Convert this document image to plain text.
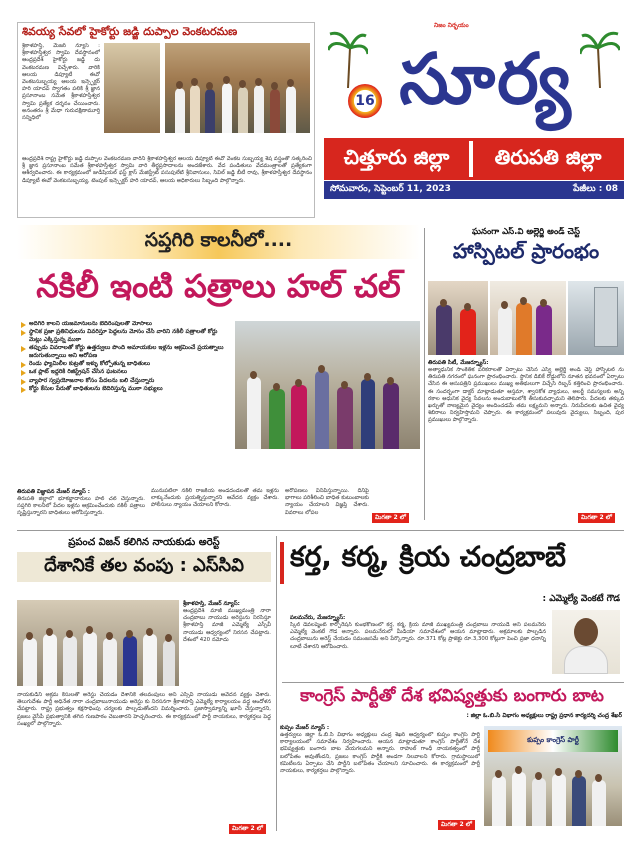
శివయ్య సేవలో హైకోర్టు జడ్జి దుప్పాల వెంకటరమణ
శ్రీకాళహస్తి, మేజర్ న్యూస్ : శ్రీకాళహస్తీశ్వర స్వామి దేవస్థానంలో ఆంధ్రప్రదేశ్ హైకోర్టు జడ్జి దు వెంకటరమణ విచ్చేశారు. వారికి ఆలయ డిప్యూటీ ఈవో వెంకటసుబ్బయ్య ఆలయ ఇన్స్పెక్టర్ హరి యాదవ్ స్వాగతం పలికి శ్రీ జ్ఞాన ప్రసూనాంబ సమేత శ్రీకాళహస్తీశ్వర స్వామి ప్రత్యేక దర్శనం చేయించారు. అనంతరం శ్రీ మేధా గురుదక్షిణామూర్తి సన్నిధిలో
ఆంధ్రప్రదేశ్ రాష్ట్ర హైకోర్టు జడ్జి దుప్పాల వెంకటరమణ వారిని శ్రీకాళహస్తీశ్వర ఆలయ డిప్యూటీ ఈవో వెంకట సుబ్బయ్య శేష వస్త్రంతో సత్కరించి శ్రీ జ్ఞాన ప్రసూనాంబ సమేత శ్రీకాళహస్తీశ్వర స్వామి వారి తీర్థప్రసాదాలను అందజేశారు. వేద పండితులు వేదమంత్రాలతో ప్రత్యేకంగా ఆశీర్వదించారు. ఈ కార్యక్రమంలో జుడీషియల్ ఫస్ట్ క్లాస్ మేజిస్ట్రేట్ పసుపులేటి శ్రీనివాసులు, సివిల్ జడ్జి బీటీ రావు, శ్రీకాళహస్తీశ్వర దేవస్థానం డిప్యూటీ ఈవో వెంకటసుబ్బయ్య, టెంపుల్ ఇన్స్పెక్టర్ హరి యాదవ్, ఆలయ అధికారులు సిబ్బంది పాల్గొన్నారు.
నిజం నిర్భయం
16 సూర్య
చిత్తూరు జిల్లా	తిరుపతి జిల్లా
సోమవారం, సెప్టెంబర్ 11, 2023	పేజీలు : 08
సప్తగిరి కాలనీలో....
నకిలీ ఇంటి పత్రాలు హల్ చల్
అదిగిరి కాలనీ యజమానులను బెదిరింపులతో మోసాలు
స్థానిక ప్రజా ప్రతినిధులను వివరిస్తూ పెద్దలను మోసం చేసి వారిని నకిలీ పత్రాలతో కోర్టు మెట్లు ఎక్కిస్తున్న ముఠా
తప్పుడు వివరాలతో కోర్టు ఉత్తర్వులు పొంది అమాయకుల ఇళ్లను ఆక్రమించే ప్రయత్నాలు జరుగుతున్నాయి అని ఆరోపణ
రెండు ఫ్యామిలీల కుట్రతో ఇళ్ళు కోల్పోతున్న బాధితులు
ఒక ప్లాట్ ఇద్దరికి రిజిస్ట్రేషన్ చేసిన ఘటనలు
వ్యాపార స్వప్రయోజనాల కోసం పేదలను బలి చేస్తున్నారు
కోర్టు కేసుల పేరుతో బాధితులను బెదిరిస్తున్న ముఠా సభ్యులు
తిరుపతి విజ్ఞాపన మేజర్ న్యూస్ :
తిరుపతి జిల్లాలో భూకబ్జాదారులు హల్ చల్ చేస్తున్నారు. సప్తగిరి కాలనీలో పేదల ఇళ్లను ఆక్రమించేందుకు నకిలీ పత్రాలు సృష్టిస్తున్నారని బాధితులు ఆరోపిస్తున్నారు.
మునుపటిలా నకిలీ రాజకీయ అండదండలతో తమ ఇళ్లను లాక్కునేందుకు ప్రయత్నిస్తున్నారని ఆవేదన వ్యక్తం చేశారు. పోలీసులు న్యాయం చేయాలని కోరారు.
అరోపణలు వినిపిస్తున్నాయి. దీనిపై భాగాలు పరిశీలించి బాధిత కుటుంబాలకు న్యాయం చేయాలని విజ్ఞప్తి చేశారు. వివరాలు లోపల
మిగతా 2 లో
ఘనంగా ఎస్.వి అల్లెర్జి అండ్ చెస్ట్
హాస్పిటల్ ప్రారంభం
తిరుపతి సిటీ, మేజర్న్యూస్:
అత్యాధునిక సాంకేతిక పరికరాలతో ఏర్పాటు చేసిన ఎస్వీ అల్లెర్జీ అండ్ చెస్ట్ హాస్పిటల్ ను తిరుపతి నగరంలో ఘనంగా ప్రారంభించారు. స్థానిక డిబికే రోడ్డులోని నూతన భవనంలో ఏర్పాటు చేసిన ఈ ఆసుపత్రిని ప్రముఖులు ముఖ్య అతిథులుగా విచ్చేసి రిబ్బన్ కత్తిరించి ప్రారంభించారు. ఈ సందర్భంగా డాక్టర్ మాట్లాడుతూ ఆస్తమా, శ్వాసకోశ వ్యాధులు, అలర్జీ సమస్యలకు అన్ని రకాల ఆధునిక వైద్య సేవలను అందుబాటులోకి తీసుకువచ్చామని తెలిపారు. పేదలకు తక్కువ ఖర్చుతో నాణ్యమైన వైద్యం అందించడమే తమ లక్ష్యమని అన్నారు. నిరుపేదలకు ఉచిత వైద్య శిబిరాలు నిర్వహిస్తామని చెప్పారు. ఈ కార్యక్రమంలో పలువురు వైద్యులు, సిబ్బంది, పుర ప్రముఖులు పాల్గొన్నారు.
మిగతా 2 లో
ప్రపంచ విజన్ కలిగిన నాయకుడు అరెస్ట్
దేశానికే తల వంపు : ఎస్‌సివి
శ్రీకాళహస్తి, మేజర్ న్యూస్:
ఆంధ్రప్రదేశ్ మాజీ ముఖ్యమంత్రి నారా చంద్రబాబు నాయుడు అరెస్టును నిరసిస్తూ శ్రీకాళహస్తి మాజీ ఎమ్మెల్యే ఎస్సీవీ నాయుడు ఆధ్వర్యంలో నిరసన చేపట్టారు. దేశంలో 420 నమోదు
నాయకుడిని అక్రమ కేసులతో అరెస్టు చేయడం దేశానికే తలవంపులు అని ఎస్సీవీ నాయుడు ఆవేదన వ్యక్తం చేశారు. తెలుగుదేశం పార్టీ అధినేత నారా చంద్రబాబునాయుడు అరెస్టు కు నిరసనగా శ్రీకాళహస్తి ఎమ్మెల్యే కార్యాలయం వద్ద ఆందోళన చేపట్టారు. రాష్ట్ర ప్రభుత్వం కక్షసాధింపు చర్యలకు పాల్పడుతోందని విమర్శించారు. ప్రజాస్వామ్యాన్ని ఖూనీ చేస్తున్నారని, ప్రజలు వైసీపీ ప్రభుత్వానికి తగిన గుణపాఠం చెబుతారని హెచ్చరించారు. ఈ కార్యక్రమంలో పార్టీ నాయకులు, కార్యకర్తలు పెద్ద సంఖ్యలో పాల్గొన్నారు.
మిగతా 2 లో
కర్త, కర్మ, క్రియ చంద్రబాబే
: ఎమ్మెల్యే వెంకటే గౌడ
పలమనేరు, మేజర్న్యూస్:
స్కిల్ డెవలప్మెంట్ కార్పొరేషన్ కుంభకోణంలో కర్త, కర్మ, క్రియ మాజీ ముఖ్యమంత్రి చంద్రబాబు నాయుడే అని పలమనేరు ఎమ్మెల్యే వెంకటే గౌడ అన్నారు. పలమనేరులో మీడియా సమావేశంలో ఆయన మాట్లాడారు. అక్రమాలకు పాల్పడిన చంద్రబాబును అరెస్ట్ చేయడం సమంజసమే అని పేర్కొన్నారు. రూ.371 కోట్ల ప్రాజెక్టు రూ.3,300 కోట్లుగా పెంచి ప్రజా ధనాన్ని లూటీ చేశారని ఆరోపించారు.
కాంగ్రెస్ పార్టీతో దేశ భవిష్యత్తుకు బంగారు బాట
: జిల్లా ఓ.బి.సి విభాగం అధ్యక్షులు రాష్ట్ర ప్రధాన కార్యదర్శి చంద్ర శేఖర్
కుప్పం మేజర్ న్యూస్ :
ఉత్తర్వులు జిల్లా ఓ.బి.సి విభాగం అధ్యక్షులు చంద్ర శేఖర్ ఆధ్వర్యంలో కుప్పం కాంగ్రెస్ పార్టీ కార్యాలయంలో సమావేశం నిర్వహించారు. ఆయన మాట్లాడుతూ కాంగ్రెస్ పార్టీతోనే దేశ భవిష్యత్తుకు బంగారు బాట వేయగలమని అన్నారు. రాహుల్ గాంధీ నాయకత్వంలో పార్టీ బలోపేతం అవుతోందని, ప్రజలు కాంగ్రెస్ పార్టీకి అండగా నిలవాలని కోరారు. గ్రామస్థాయిలో కమిటీలను ఏర్పాటు చేసి పార్టీని బలోపేతం చేయాలని సూచించారు. ఈ కార్యక్రమంలో పార్టీ నాయకులు, కార్యకర్తలు పాల్గొన్నారు.
కుప్పం కాంగ్రెస్ పార్టీ
మిగతా 2 లో
